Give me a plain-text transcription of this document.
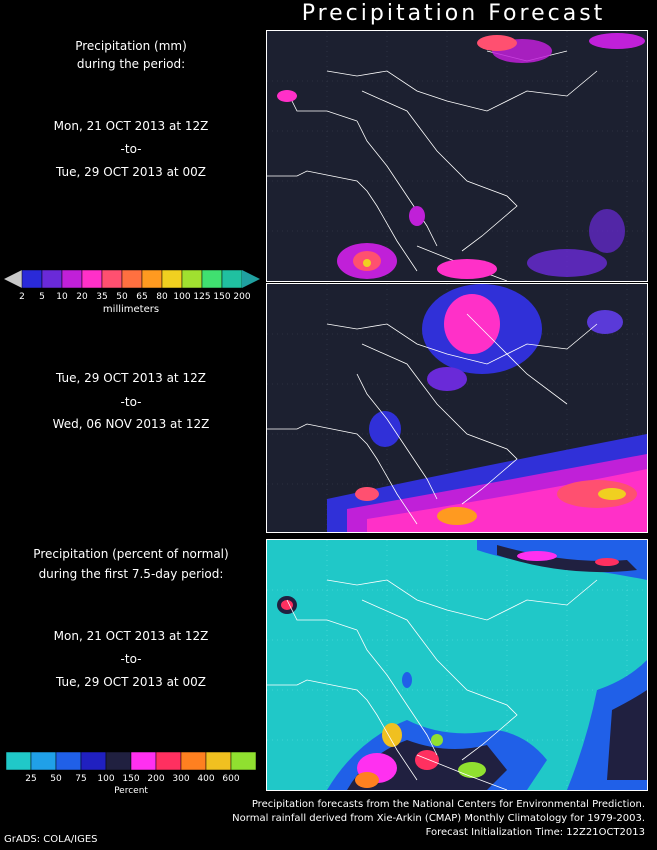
Precipitation Forecast
Precipitation (mm)
during the period:
Mon, 21 OCT 2013 at 12Z
-to-
Tue, 29 OCT 2013 at 00Z
2	5	10 20 35 50 65 80 100 125 150 200
millimeters
Tue, 29 OCT 2013 at 12Z
-to-
Wed, 06 NOV 2013 at 12Z
Precipitation (percent of normal)
during the first 7.5-day period:
Mon, 21 OCT 2013 at 12Z
-to-
Tue, 29 OCT 2013 at 00Z
25	50	75	100 150 200 300 400 600
Percent
Precipitation forecasts from the National Centers for Environmental Prediction.
Normal rainfall derived from Xie-Arkin (CMAP) Monthly Climatology for 1979-2003.
Forecast Initialization Time: 12Z21OCT2013
GrADS: COLA/IGES
